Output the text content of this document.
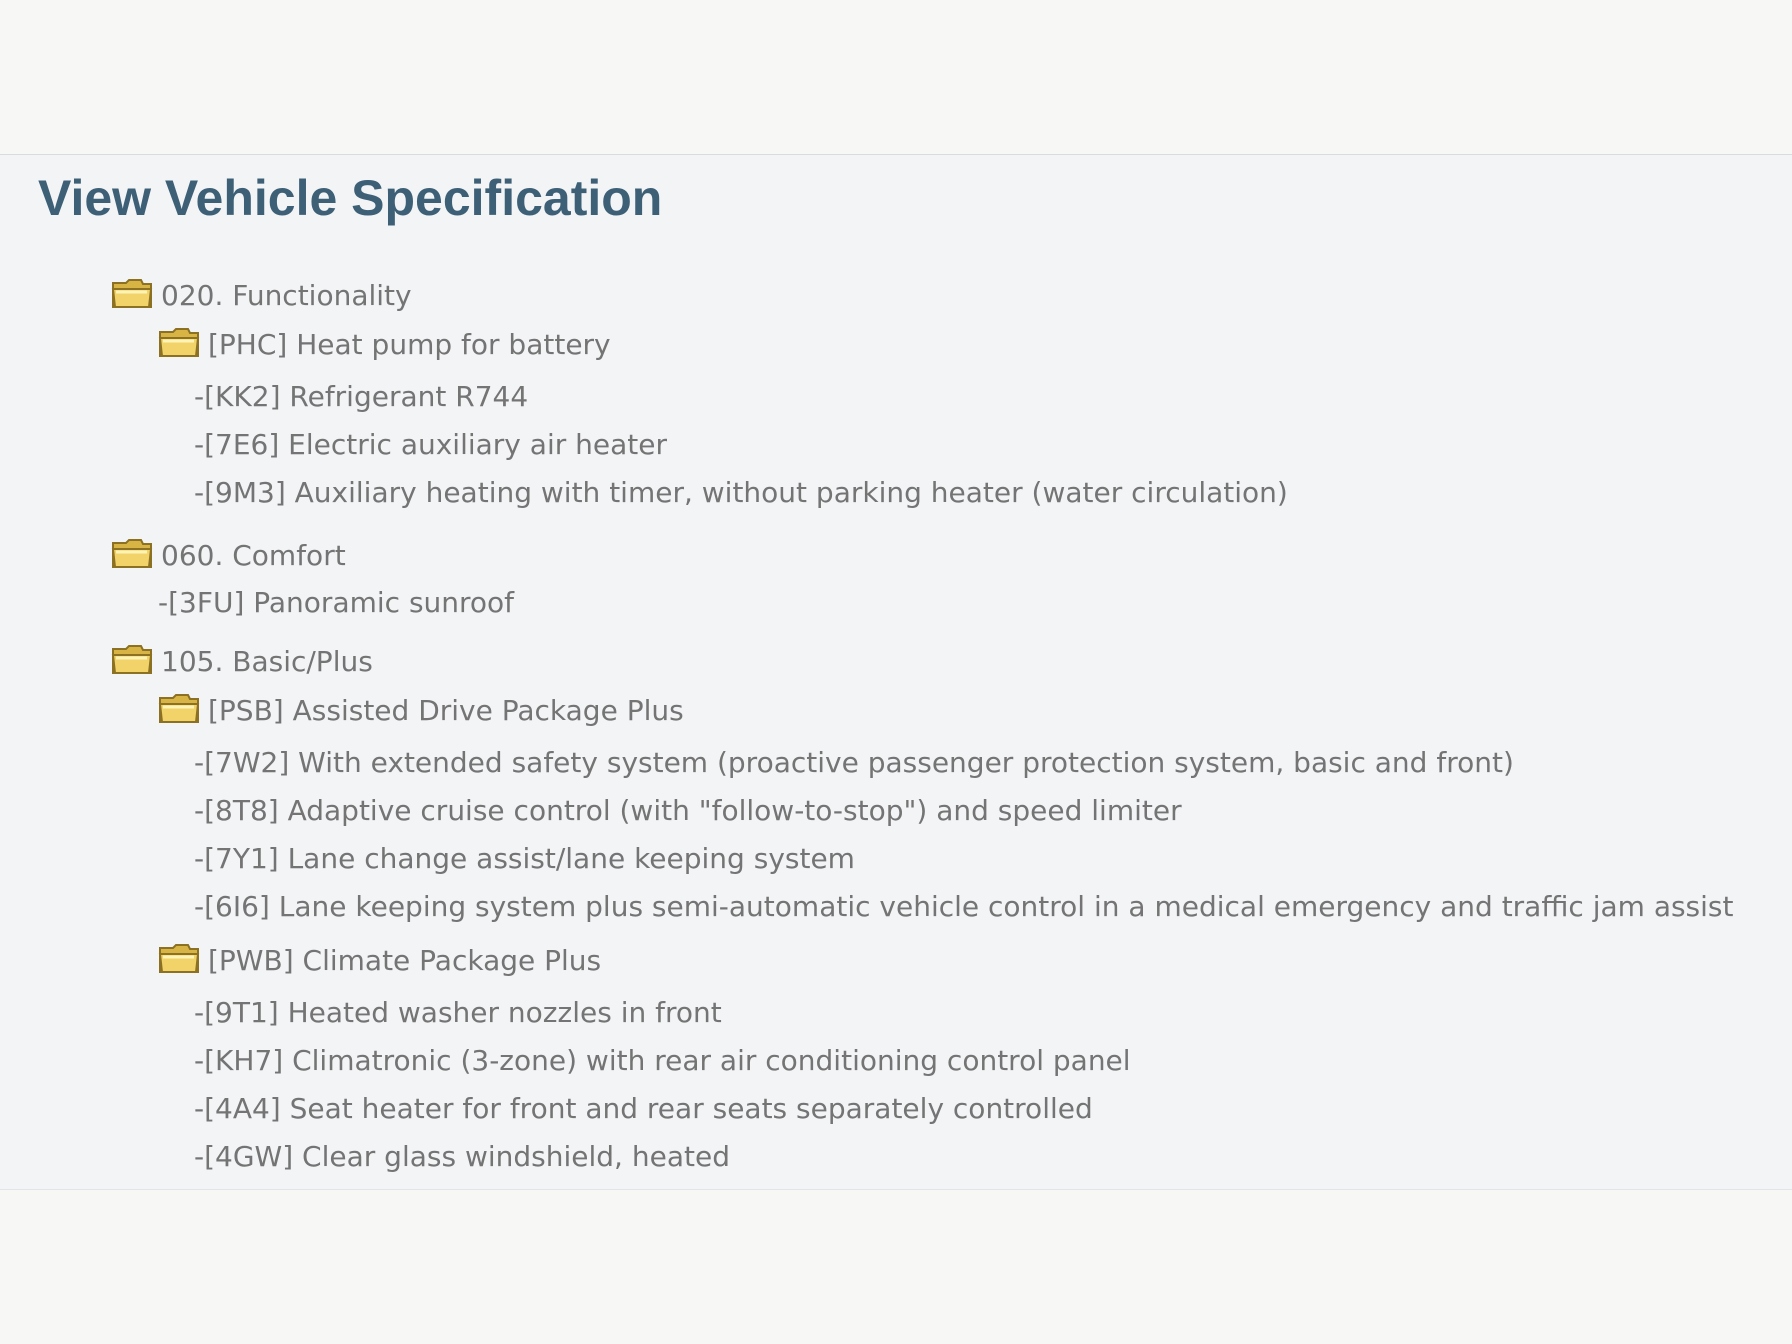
View Vehicle Specification
020. Functionality
[PHC] Heat pump for battery
-[KK2] Refrigerant R744
-[7E6] Electric auxiliary air heater
-[9M3] Auxiliary heating with timer, without parking heater (water circulation)
060. Comfort
-[3FU] Panoramic sunroof
105. Basic/Plus
[PSB] Assisted Drive Package Plus
-[7W2] With extended safety system (proactive passenger protection system, basic and front)
-[8T8] Adaptive cruise control (with "follow-to-stop") and speed limiter
-[7Y1] Lane change assist/lane keeping system
-[6I6] Lane keeping system plus semi-automatic vehicle control in a medical emergency and traffic jam assist
[PWB] Climate Package Plus
-[9T1] Heated washer nozzles in front
-[KH7] Climatronic (3-zone) with rear air conditioning control panel
-[4A4] Seat heater for front and rear seats separately controlled
-[4GW] Clear glass windshield, heated
